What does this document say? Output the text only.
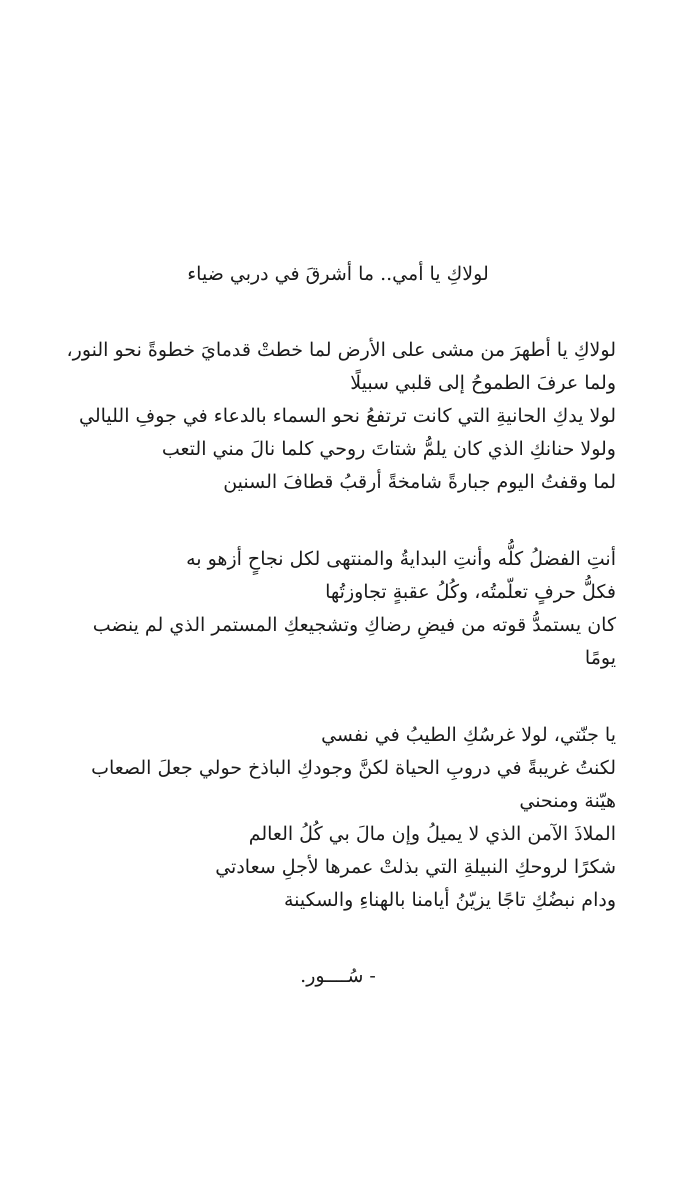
لولاكِ يا أمي.. ما أشرقَ في دربي ضياء
لولاكِ يا أطهرَ من مشى على الأرض لما خطتْ قدمايَ خطوةً نحو النور، ولما عرفَ الطموحُ إلى قلبي سبيلًا
لولا يدكِ الحانيةِ التي كانت ترتفعُ نحو السماء بالدعاء في جوفِ الليالي
ولولا حنانكِ الذي كان يلمُّ شتاتَ روحي كلما نالَ مني التعب
لما وقفتُ اليوم جبارةً شامخةً أرقبُ قطافَ السنين
أنتِ الفضلُ كلُّه وأنتِ البدايةُ والمنتهى لكل نجاحٍ أزهو به
فكلُّ حرفٍ تعلّمتُه، وكُلُ عقبةٍ تجاوزتُها
كان يستمدُّ قوته من فيضِ رضاكِ وتشجيعكِ المستمر الذي لم ينضب يومًا
يا جنّتي، لولا غرسُكِ الطيبُ في نفسي
لكنتُ غريبةً في دروبِ الحياة لكنَّ وجودكِ الباذخ حولي جعلَ الصعاب هيّنة ومنحني
الملاذَ الآمن الذي لا يميلُ وإن مالَ بي كُلُ العالم
شكرًا لروحكِ النبيلةِ التي بذلتْ عمرها لأجلِ سعادتي
ودام نبضُكِ تاجًا يزيّنُ أيامنا بالهناءِ والسكينة
- سُــــور.
